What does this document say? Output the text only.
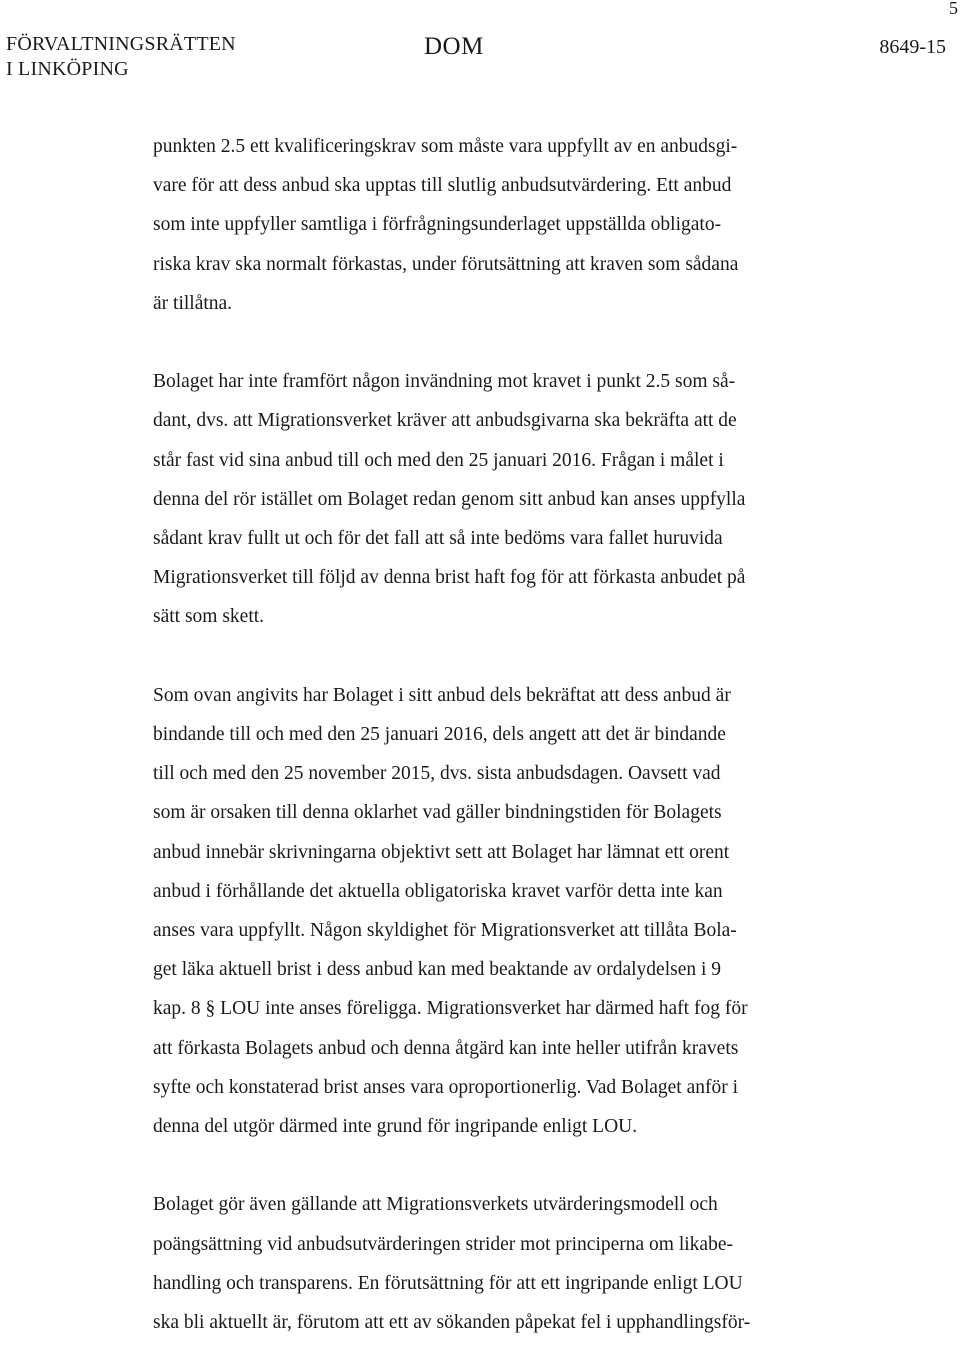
5
FÖRVALTNINGSRÄTTEN
I LINKÖPING
DOM	8649-15
punkten 2.5 ett kvalificeringskrav som måste vara uppfyllt av en anbudsgi-
vare för att dess anbud ska upptas till slutlig anbudsutvärdering. Ett anbud
som inte uppfyller samtliga i förfrågningsunderlaget uppställda obligato-
riska krav ska normalt förkastas, under förutsättning att kraven som sådana
är tillåtna.
Bolaget har inte framfört någon invändning mot kravet i punkt 2.5 som så-
dant, dvs. att Migrationsverket kräver att anbudsgivarna ska bekräfta att de
står fast vid sina anbud till och med den 25 januari 2016. Frågan i målet i
denna del rör istället om Bolaget redan genom sitt anbud kan anses uppfylla
sådant krav fullt ut och för det fall att så inte bedöms vara fallet huruvida
Migrationsverket till följd av denna brist haft fog för att förkasta anbudet på
sätt som skett.
Som ovan angivits har Bolaget i sitt anbud dels bekräftat att dess anbud är
bindande till och med den 25 januari 2016, dels angett att det är bindande
till och med den 25 november 2015, dvs. sista anbudsdagen. Oavsett vad
som är orsaken till denna oklarhet vad gäller bindningstiden för Bolagets
anbud innebär skrivningarna objektivt sett att Bolaget har lämnat ett orent
anbud i förhållande det aktuella obligatoriska kravet varför detta inte kan
anses vara uppfyllt. Någon skyldighet för Migrationsverket att tillåta Bola-
get läka aktuell brist i dess anbud kan med beaktande av ordalydelsen i 9
kap. 8 § LOU inte anses föreligga. Migrationsverket har därmed haft fog för
att förkasta Bolagets anbud och denna åtgärd kan inte heller utifrån kravets
syfte och konstaterad brist anses vara oproportionerlig. Vad Bolaget anför i
denna del utgör därmed inte grund för ingripande enligt LOU.
Bolaget gör även gällande att Migrationsverkets utvärderingsmodell och
poängsättning vid anbudsutvärderingen strider mot principerna om likabe-
handling och transparens. En förutsättning för att ett ingripande enligt LOU
ska bli aktuellt är, förutom att ett av sökanden påpekat fel i upphandlingsför-
